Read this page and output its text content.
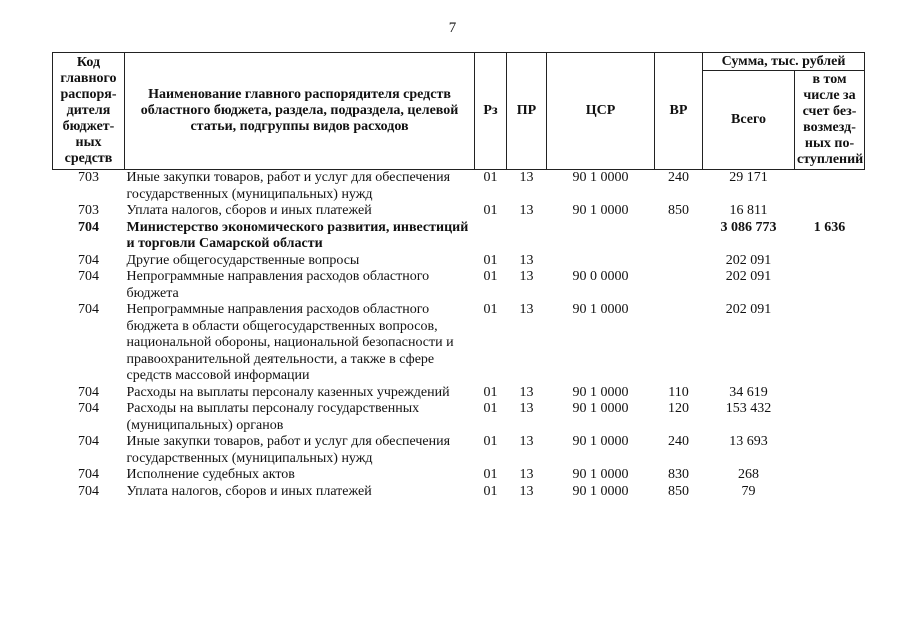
7
Код главного распоря-дителя бюджет-ных средств	Наименование главного распорядителя средств областного бюджета, раздела, подраздела, целевой статьи, подгруппы видов расходов	Рз	ПР	ЦСР	ВР	Сумма, тыс. рублей	
						Всего	в том числе за счет без-возмезд-ных по-ступлений
703	Иные закупки товаров, работ и услуг для обеспечения государственных (муниципальных) нужд	01	13	90 1 0000	240	29 171	
703	Уплата налогов, сборов и иных платежей	01	13	90 1 0000	850	16 811	
704	Министерство экономического развития, инвестиций и торговли Самарской области					3 086 773	1 636
704	Другие общегосударственные вопросы	01	13			202 091	
704	Непрограммные направления расходов областного бюджета	01	13	90 0 0000		202 091	
704	Непрограммные направления расходов областного бюджета в области общегосударственных вопросов, национальной обороны, национальной безопасности и правоохранительной деятельности, а также в сфере средств массовой информации	01	13	90 1 0000		202 091	
704	Расходы на выплаты персоналу казенных учреждений	01	13	90 1 0000	110	34 619	
704	Расходы на выплаты персоналу государственных (муниципальных) органов	01	13	90 1 0000	120	153 432	
704	Иные закупки товаров, работ и услуг для обеспечения государственных (муниципальных) нужд	01	13	90 1 0000	240	13 693	
704	Исполнение судебных актов	01	13	90 1 0000	830	268	
704	Уплата налогов, сборов и иных платежей	01	13	90 1 0000	850	79	
